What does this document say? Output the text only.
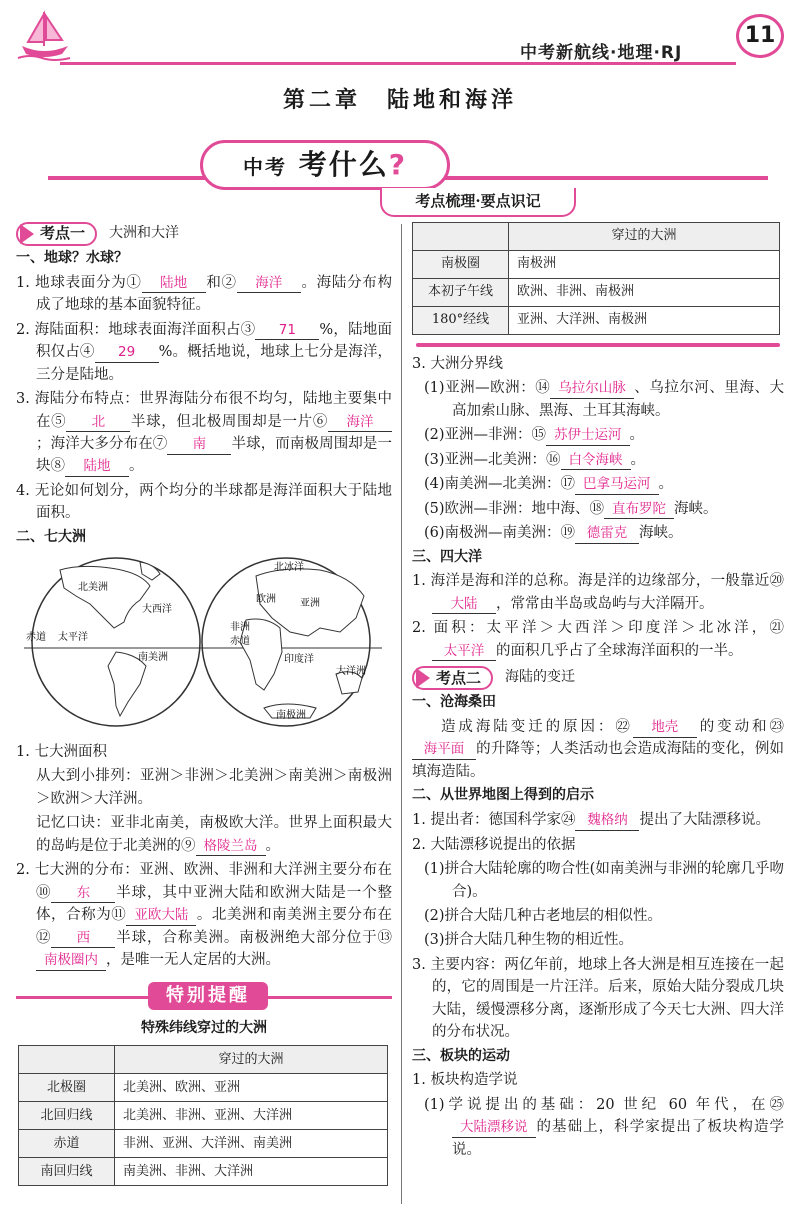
中考新航线·地理·RJ
11
第二章　陆地和海洋
中考 考什么?
考点梳理·要点识记
考点一 大洲和大洋
一、地球？水球？
1. 地球表面分为① 陆地 和② 海洋 。海陆分布构成了地球的基本面貌特征。
2. 海陆面积：地球表面海洋面积占③ 71 %，陆地面积仅占④ 29 %。概括地说，地球上七分是海洋，三分是陆地。
3. 海陆分布特点：世界海陆分布很不均匀，陆地主要集中在⑤ 北 半球，但北极周围却是一片⑥ 海洋；海洋大多分布在⑦ 南 半球，而南极周围却是一块⑧ 陆地 。
4. 无论如何划分，两个均分的半球都是海洋面积大于陆地面积。
二、七大洲
北美洲
大西洋
赤道 太平洋
南美洲
北冰洋
亚洲
欧洲
非洲
赤道
印度洋
大洋洲
南极洲
1. 七大洲面积
从大到小排列：亚洲＞非洲＞北美洲＞南美洲＞南极洲＞欧洲＞大洋洲。
记忆口诀：亚非北南美，南极欧大洋。世界上面积最大的岛屿是位于北美洲的⑨ 格陵兰岛 。
2. 七大洲的分布：亚洲、欧洲、非洲和大洋洲主要分布在⑩ 东 半球，其中亚洲大陆和欧洲大陆是一个整体，合称为⑪ 亚欧大陆 。北美洲和南美洲主要分布在⑫ 西 半球，合称美洲。南极洲绝大部分位于⑬南极圈内 ，是唯一无人定居的大洲。
特别提醒
特殊纬线穿过的大洲
	穿过的大洲
北极圈	北美洲、欧洲、亚洲
北回归线	北美洲、非洲、亚洲、大洋洲
赤道	非洲、亚洲、大洋洲、南美洲
南回归线	南美洲、非洲、大洋洲
	穿过的大洲
南极圈	南极洲
本初子午线	欧洲、非洲、南极洲
180°经线	亚洲、大洋洲、南极洲
3. 大洲分界线
(1)亚洲—欧洲：⑭ 乌拉尔山脉 、乌拉尔河、里海、大高加索山脉、黑海、土耳其海峡。
(2)亚洲—非洲：⑮ 苏伊士运河 。
(3)亚洲—北美洲：⑯ 白令海峡 。
(4)南美洲—北美洲：⑰ 巴拿马运河 。
(5)欧洲—非洲：地中海、⑱ 直布罗陀 海峡。
(6)南极洲—南美洲：⑲ 德雷克 海峡。
三、四大洋
1. 海洋是海和洋的总称。海是洋的边缘部分，一般靠近⑳大陆 ，常常由半岛或岛屿与大洋隔开。
2. 面积：太平洋＞大西洋＞印度洋＞北冰洋，㉑太平洋 的面积几乎占了全球海洋面积的一半。
考点二 海陆的变迁
一、沧海桑田
造成海陆变迁的原因：㉒ 地壳 的变动和㉓海平面 的升降等；人类活动也会造成海陆的变化，例如填海造陆。
二、从世界地图上得到的启示
1. 提出者：德国科学家㉔ 魏格纳 提出了大陆漂移说。
2. 大陆漂移说提出的依据
(1)拼合大陆轮廓的吻合性(如南美洲与非洲的轮廓几乎吻合)。
(2)拼合大陆几种古老地层的相似性。
(3)拼合大陆几种生物的相近性。
3. 主要内容：两亿年前，地球上各大洲是相互连接在一起的，它的周围是一片汪洋。后来，原始大陆分裂成几块大陆，缓慢漂移分离，逐渐形成了今天七大洲、四大洋的分布状况。
三、板块的运动
1. 板块构造学说
(1)学说提出的基础：20 世纪 60 年代，在㉕大陆漂移说 的基础上，科学家提出了板块构造学说。
